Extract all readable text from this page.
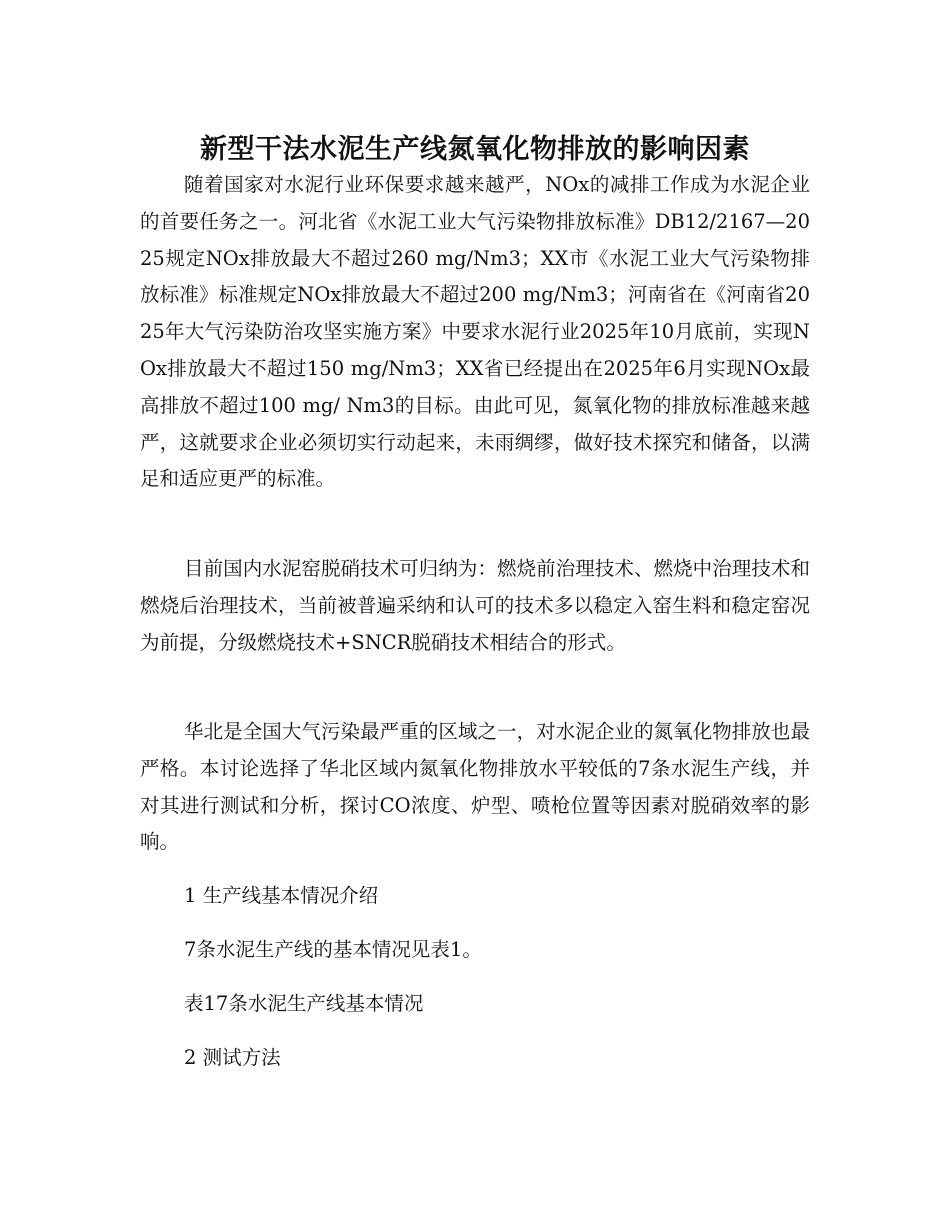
新型干法水泥生产线氮氧化物排放的影响因素

随着国家对水泥行业环保要求越来越严，NOx的减排工作成为水泥企业的首要任务之一。河北省《水泥工业大气污染物排放标准》DB12/2167—2025规定NOx排放最大不超过260 mg/Nm3；XX市《水泥工业大气污染物排放标准》标准规定NOx排放最大不超过200 mg/Nm3；河南省在《河南省2025年大气污染防治攻坚实施方案》中要求水泥行业2025年10月底前，实现NOx排放最大不超过150 mg/Nm3；XX省已经提出在2025年6月实现NOx最高排放不超过100 mg/ Nm3的目标。由此可见，氮氧化物的排放标准越来越严，这就要求企业必须切实行动起来，未雨绸缪，做好技术探究和储备，以满足和适应更严的标准。

目前国内水泥窑脱硝技术可归纳为：燃烧前治理技术、燃烧中治理技术和燃烧后治理技术，当前被普遍采纳和认可的技术多以稳定入窑生料和稳定窑况为前提，分级燃烧技术+SNCR脱硝技术相结合的形式。

华北是全国大气污染最严重的区域之一，对水泥企业的氮氧化物排放也最严格。本讨论选择了华北区域内氮氧化物排放水平较低的7条水泥生产线，并对其进行测试和分析，探讨CO浓度、炉型、喷枪位置等因素对脱硝效率的影响。

1 生产线基本情况介绍

7条水泥生产线的基本情况见表1。

表17条水泥生产线基本情况

2 测试方法
